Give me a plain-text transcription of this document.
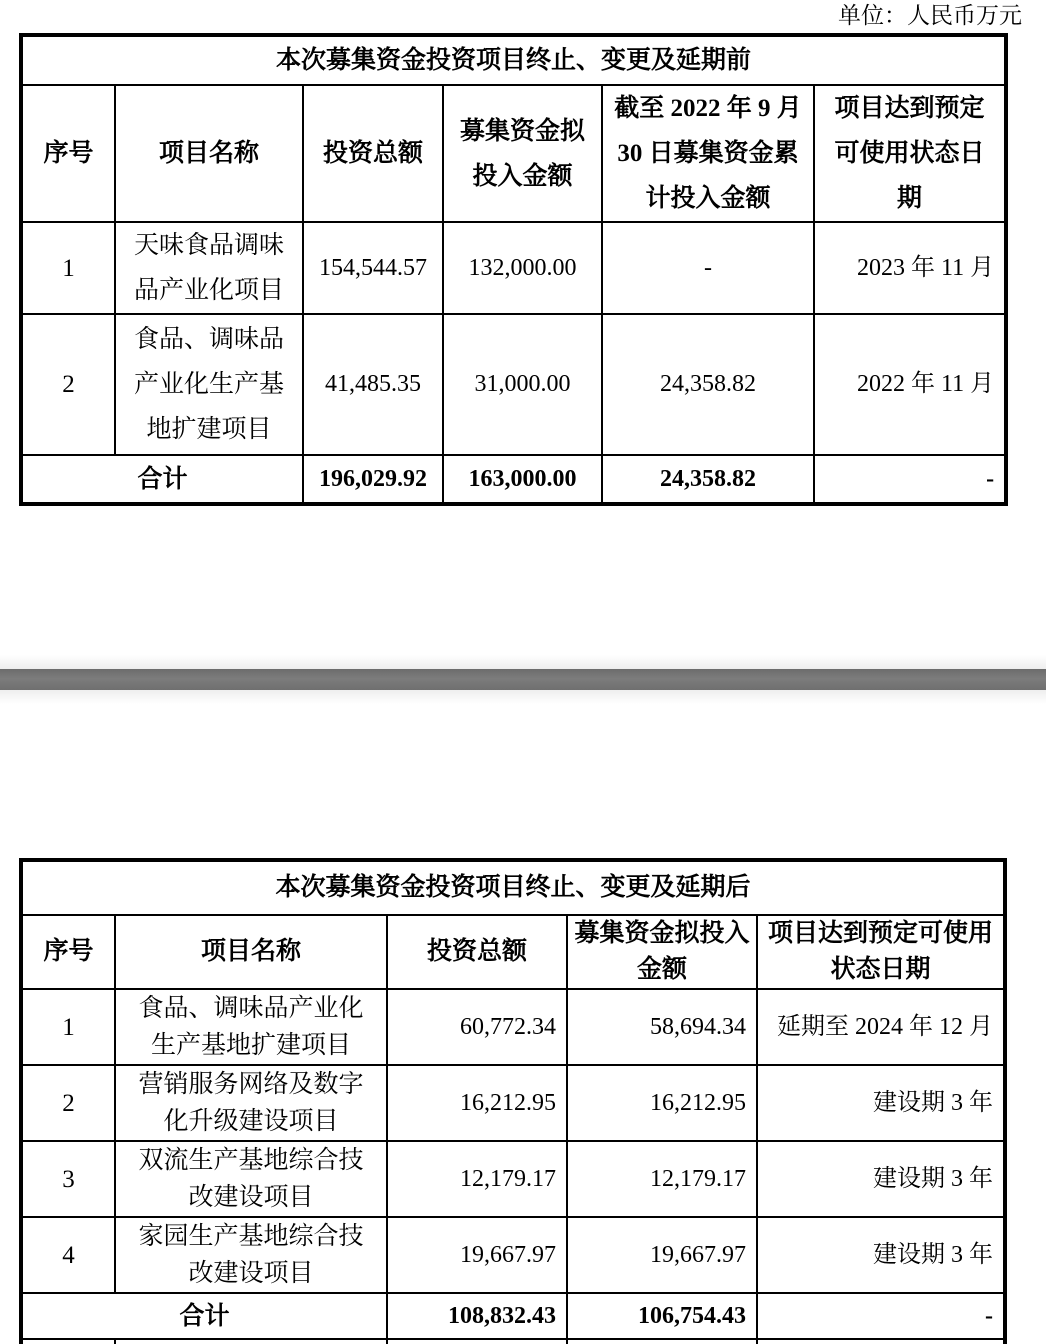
单位：人民币万元
本次募集资金投资项目终止、变更及延期前					
序号	项目名称	投资总额	募集资金拟投入金额	截至 2022 年 9 月 30 日募集资金累计投入金额	项目达到预定可使用状态日期
1	天味食品调味品产业化项目	154,544.57	132,000.00	-	2023 年 11 月
2	食品、调味品产业化生产基地扩建项目	41,485.35	31,000.00	24,358.82	2022 年 11 月
合计		196,029.92	163,000.00	24,358.82	-
本次募集资金投资项目终止、变更及延期后				
序号	项目名称	投资总额	募集资金拟投入金额	项目达到预定可使用状态日期
1	食品、调味品产业化生产基地扩建项目	60,772.34	58,694.34	延期至 2024 年 12 月
2	营销服务网络及数字化升级建设项目	16,212.95	16,212.95	建设期 3 年
3	双流生产基地综合技改建设项目	12,179.17	12,179.17	建设期 3 年
4	家园生产基地综合技改建设项目	19,667.97	19,667.97	建设期 3 年
合计		108,832.43	106,754.43	-
